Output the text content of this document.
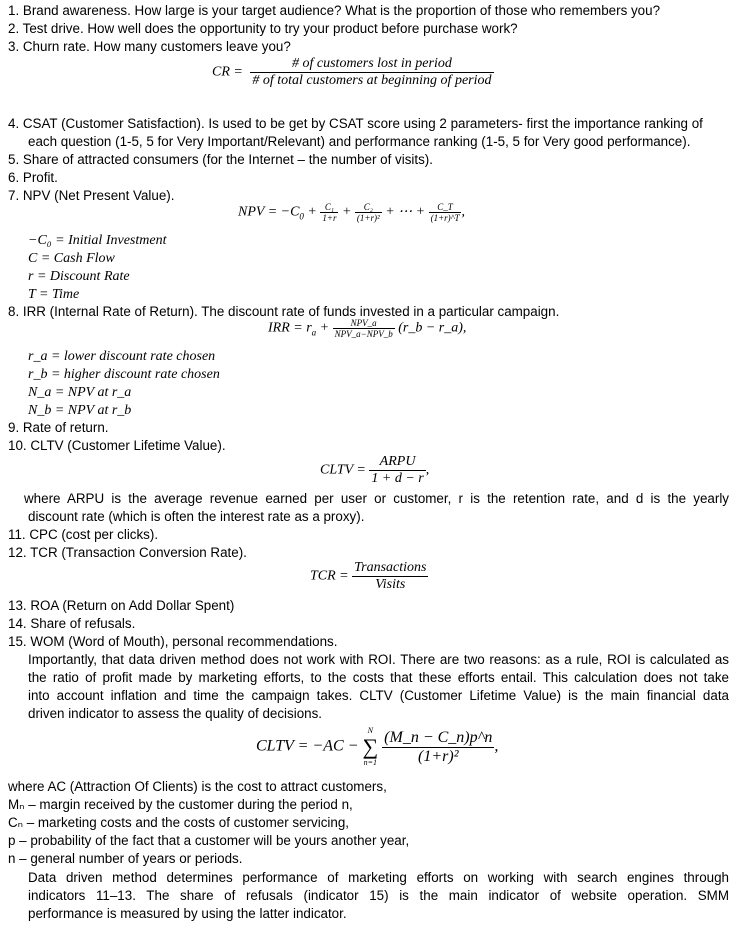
1. Brand awareness. How large is your target audience? What is the proportion of those who remembers you?
2. Test drive. How well does the opportunity to try your product before purchase work?
3. Churn rate. How many customers leave you?
CR = $\frac{\text{\# of customers lost in period}}{\text{\# of total customers at beginning of period}}$
4. CSAT (Customer Satisfaction). Is used to be get by CSAT score using 2 parameters- first the importance ranking of
each question (1-5, 5 for Very Important/Relevant) and performance ranking (1-5, 5 for Very good performance).
5. Share of attracted consumers (for the Internet – the number of visits).
6. Profit.
7. NPV (Net Present Value).
NPV = $-C_0 + \frac{\text{C₁}}{1+r} + \frac{\text{C₂}}{\text{(1+r)²}}$ + ⋯ + $\frac{C\_T}{(1+r)\^{}T}$ ,
−C₀ = Initial Investment
C = Cash Flow
r = Discount Rate
T = Time
8. IRR (Internal Rate of Return). The discount rate of funds invested in a particular campaign.
IRR = $r_a + \frac{\text{NPV\_a}}{\text{NPV\_a−NPV\_b}}$ (r_b − r_a),
r_a = lower discount rate chosen
r_b = higher discount rate chosen
N_a = NPV at r_a
N_b = NPV at r_b
9. Rate of return.
10. CLTV (Customer Lifetime Value).
CLTV = $\frac{\text{ARPU}}{1 + d - r}$ ,
where ARPU is the average revenue earned per user or customer, r is the retention rate, and d is the yearly
discount rate (which is often the interest rate as a proxy).
11. CPC (cost per clicks).
12. TCR (Transaction Conversion Rate).
TCR = $\frac{\text{Transactions}}{\text{Visits}}$
13. ROA (Return on Add Dollar Spent)
14. Share of refusals.
15. WOM (Word of Mouth), personal recommendations.
Importantly, that data driven method does not work with ROI. There are two reasons: as a rule, ROI is calculated as
the ratio of profit made by marketing efforts, to the costs that these efforts entail. This calculation does not take
into account inflation and time the campaign takes. CLTV (Customer Lifetime Value) is the main financial data
driven indicator to assess the quality of decisions.
CLTV = −AC −
N
∑
n=1
$\frac{(M\_n - C\_n)p\^{}n}{\text{(1+r)²}}$ ,
where AC (Attraction Of Clients) is the cost to attract customers,
Mₙ – margin received by the customer during the period n,
Cₙ – marketing costs and the costs of customer servicing,
p – probability of the fact that a customer will be yours another year,
n – general number of years or periods.
Data driven method determines performance of marketing efforts on working with search engines through
indicators 11–13. The share of refusals (indicator 15) is the main indicator of website operation. SMM
performance is measured by using the latter indicator.
